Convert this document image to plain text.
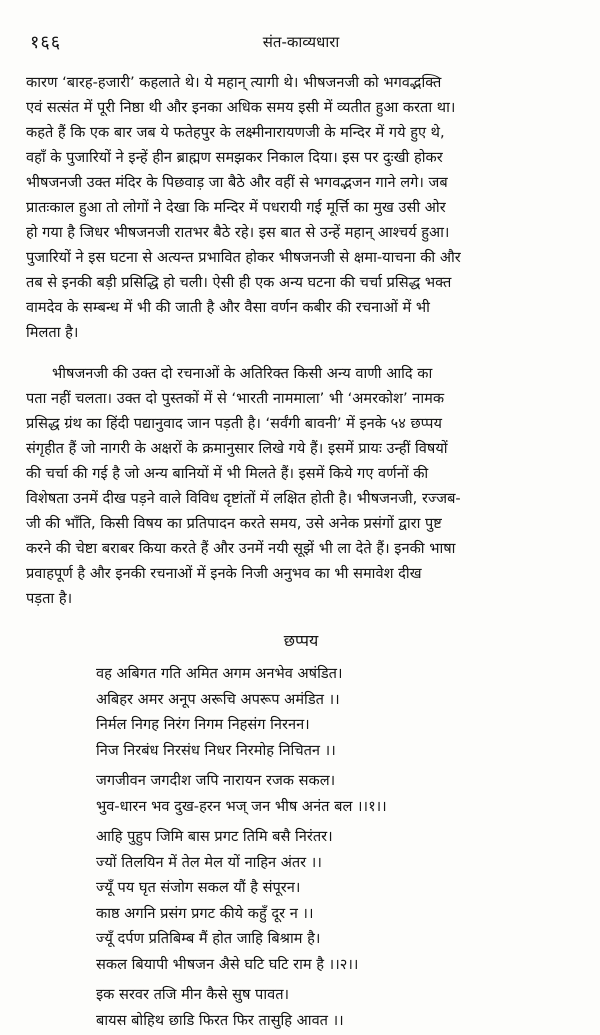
१६६	संत-काव्यधारा

कारण ‘बारह-हजारी’ कहलाते थे। ये महान् त्यागी थे। भीषजनजी को भगवद्भक्ति
एवं सत्संत में पूरी निष्ठा थी और इनका अधिक समय इसी में व्यतीत हुआ करता था।
कहते हैं कि एक बार जब ये फतेहपुर के लक्ष्मीनारायणजी के मन्दिर में गये हुए थे,
वहाँ के पुजारियों ने इन्हें हीन ब्राह्मण समझकर निकाल दिया। इस पर दुःखी होकर
भीषजनजी उक्त मंदिर के पिछवाड़ जा बैठे और वहीं से भगवद्भजन गाने लगे। जब
प्रातःकाल हुआ तो लोगों ने देखा कि मन्दिर में पधरायी गई मूर्त्ति का मुख उसी ओर
हो गया है जिधर भीषजनजी रातभर बैठे रहे। इस बात से उन्हें महान् आश्चर्य हुआ।
पुजारियों ने इस घटना से अत्यन्त प्रभावित होकर भीषजनजी से क्षमा-याचना की और
तब से इनकी बड़ी प्रसिद्धि हो चली। ऐसी ही एक अन्य घटना की चर्चा प्रसिद्ध भक्त
वामदेव के सम्बन्ध में भी की जाती है और वैसा वर्णन कबीर की रचनाओं में भी
मिलता है।

भीषजनजी की उक्त दो रचनाओं के अतिरिक्त किसी अन्य वाणी आदि का
पता नहीं चलता। उक्त दो पुस्तकों में से ‘भारती नाममाला’ भी ‘अमरकोश’ नामक
प्रसिद्ध ग्रंथ का हिंदी पद्यानुवाद जान पड़ती है। ‘सर्वंगी बावनी’ में इनके ५४ छप्पय
संगृहीत हैं जो नागरी के अक्षरों के क्रमानुसार लिखे गये हैं। इसमें प्रायः उन्हीं विषयों
की चर्चा की गई है जो अन्य बानियों में भी मिलते हैं। इसमें किये गए वर्णनों की
विशेषता उनमें दीख पड़ने वाले विविध दृष्टांतों में लक्षित होती है। भीषजनजी, रज्जब-
जी की भाँति, किसी विषय का प्रतिपादन करते समय, उसे अनेक प्रसंगों द्वारा पुष्ट
करने की चेष्टा बराबर किया करते हैं और उनमें नयी सूझें भी ला देते हैं। इनकी भाषा
प्रवाहपूर्ण है और इनकी रचनाओं में इनके निजी अनुभव का भी समावेश दीख
पड़ता है।

छप्पय
वह अबिगत गति अमित अगम अनभेव अषंडित।
अबिहर अमर अनूप अरूचि अपरूप अमंडित ।।
निर्मल निगह निरंग निगम निहसंग निरनन।
निज निरबंध निरसंध निधर निरमोह निचितन ।।
जगजीवन जगदीश जपि नारायन रजक सकल।
भुव-धारन भव दुख-हरन भज् जन भीष अनंत बल ।।१।।
आहि पुहुप जिमि बास प्रगट तिमि बसै निरंतर।
ज्यों तिलयिन में तेल मेल यों नाहिन अंतर ।।
ज्यूँ पय घृत संजोग सकल यौं है संपूरन।
काष्ठ अगनि प्रसंग प्रगट कीये कहुँ दूर न ।।
ज्यूँ दर्पण प्रतिबिम्ब मैं होत जाहि बिश्राम है।
सकल बियापी भीषजन अैसे घटि घटि राम है ।।२।।
इक सरवर तजि मीन कैसे सुष पावत।
बायस बोहिथ छाडि फिरत फिर तासुहि आवत ।।
